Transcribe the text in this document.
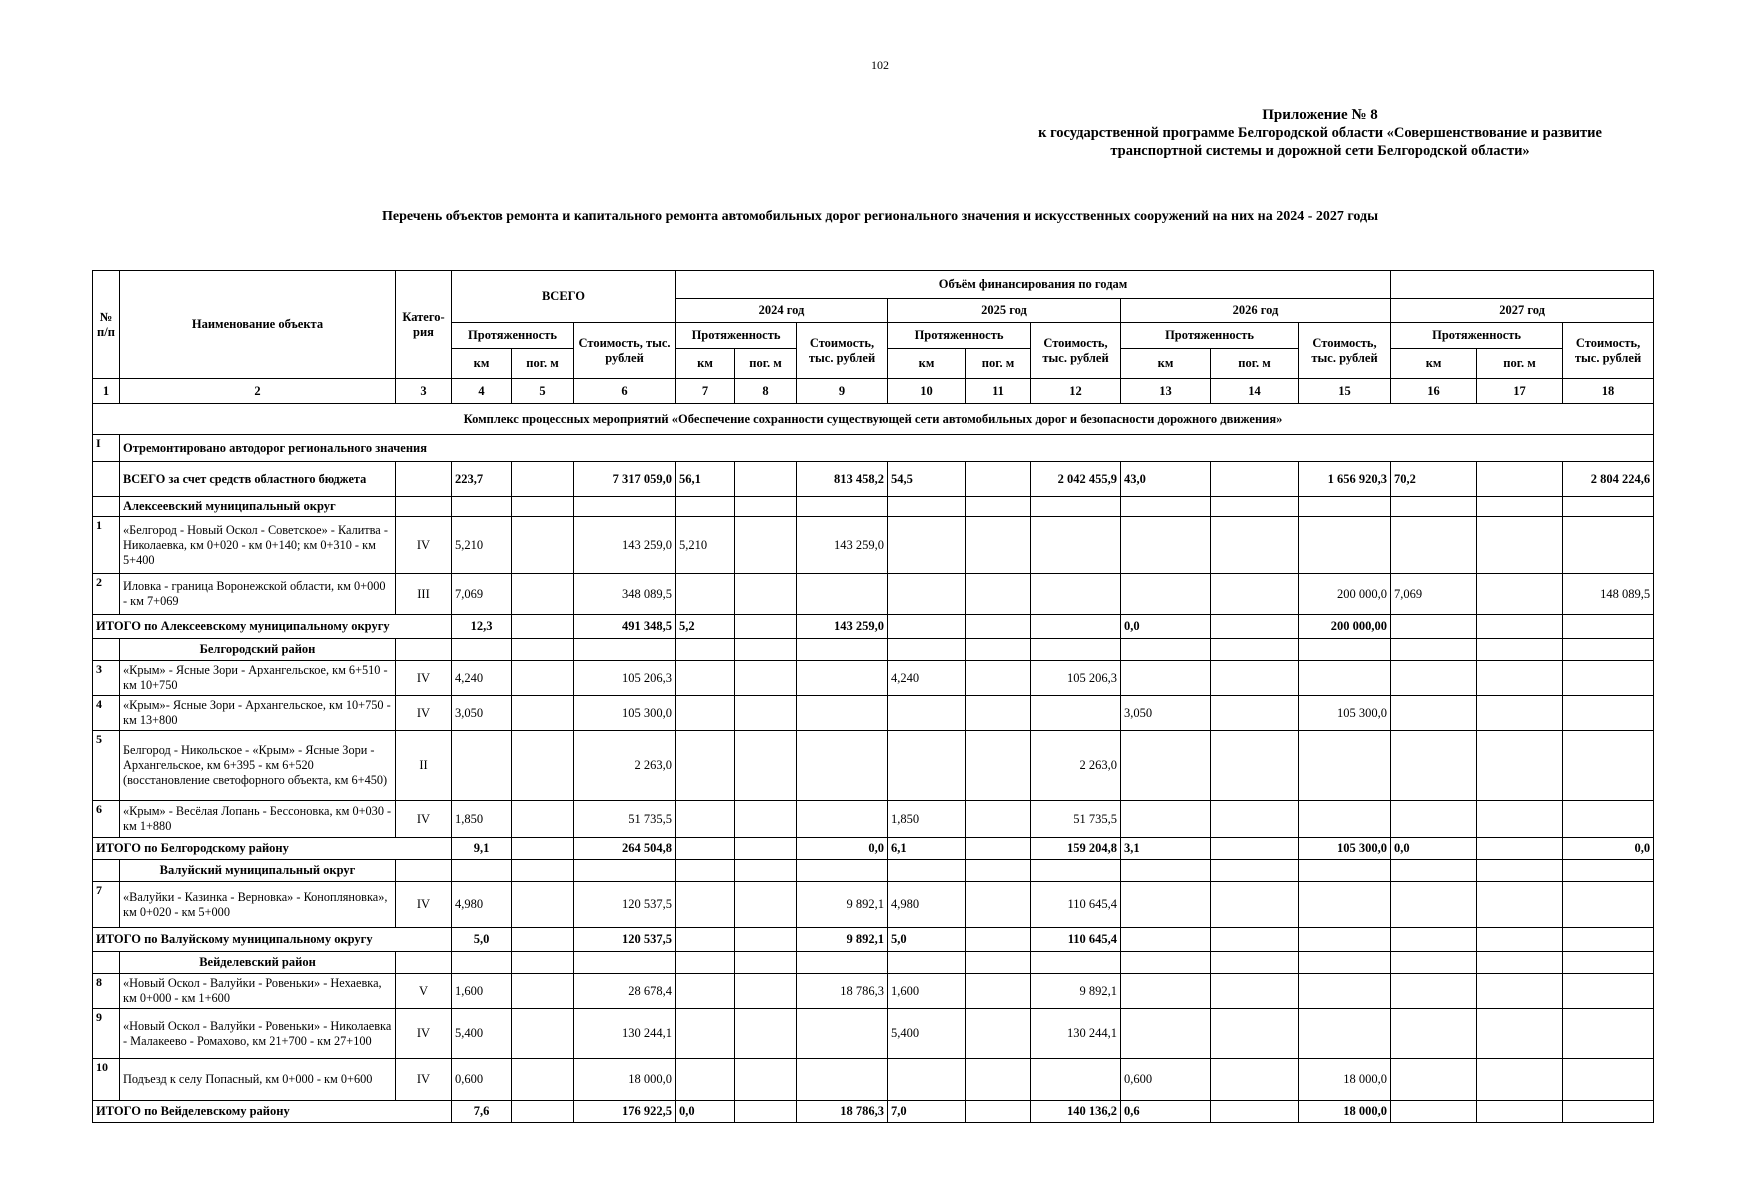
102
Приложение № 8
к государственной программе Белгородской области «Совершенствование и развитие
транспортной системы и дорожной сети Белгородской области»
Перечень объектов ремонта и капитального ремонта автомобильных дорог регионального значения и искусственных сооружений на них на 2024 - 2027 годы
№ п/п	Наименование объекта	Катего-рия	ВСЕГО			Объём финансирования по годам											
						2024 год			2025 год			2026 год			2027 год		
			Протяженность		Стоимость, тыс. рублей	Протяженность		Стоимость, тыс. рублей	Протяженность		Стоимость, тыс. рублей	Протяженность		Стоимость, тыс. рублей	Протяженность		Стоимость, тыс. рублей
			км	пог. м		км	пог. м		км	пог. м		км	пог. м		км	пог. м	
1	2	3	4	5	6	7	8	9	10	11	12	13	14	15	16	17	18
Комплекс процессных мероприятий «Обеспечение сохранности существующей сети автомобильных дорог и безопасности дорожного движения»																	
I	Отремонтировано автодорог регионального значения																
	ВСЕГО за счет средств областного бюджета		223,7		7 317 059,0	56,1		813 458,2	54,5		2 042 455,9	43,0		1 656 920,3	70,2		2 804 224,6
	Алексеевский муниципальный округ																
1	«Белгород - Новый Оскол - Советское» - Калитва - Николаевка, км 0+020 - км 0+140; км 0+310 - км 5+400	IV	5,210		143 259,0	5,210		143 259,0									
2	Иловка - граница Воронежской области, км 0+000 - км 7+069	III	7,069		348 089,5									200 000,0	7,069		148 089,5
ИТОГО по Алексеевскому муниципальному округу			12,3		491 348,5	5,2		143 259,0				0,0		200 000,00			
	Белгородский район																
3	«Крым» - Ясные Зори - Архангельское, км 6+510 - км 10+750	IV	4,240		105 206,3				4,240		105 206,3						
4	«Крым»- Ясные Зори - Архангельское, км 10+750 - км 13+800	IV	3,050		105 300,0							3,050		105 300,0			
5	Белгород - Никольское - «Крым» - Ясные Зори - Архангельское, км 6+395 - км 6+520 (восстановление светофорного объекта, км 6+450)	II			2 263,0						2 263,0						
6	«Крым» - Весёлая Лопань - Бессоновка, км 0+030 - км 1+880	IV	1,850		51 735,5				1,850		51 735,5						
ИТОГО по Белгородскому району			9,1		264 504,8			0,0	6,1		159 204,8	3,1		105 300,0	0,0		0,0
	Валуйский муниципальный округ																
7	«Валуйки - Казинка - Верновка» - Конопляновка», км 0+020 - км 5+000	IV	4,980		120 537,5			9 892,1	4,980		110 645,4						
ИТОГО по Валуйскому муниципальному округу			5,0		120 537,5			9 892,1	5,0		110 645,4						
	Вейделевский район																
8	«Новый Оскол - Валуйки - Ровеньки» - Нехаевка, км 0+000 - км 1+600	V	1,600		28 678,4			18 786,3	1,600		9 892,1						
9	«Новый Оскол - Валуйки - Ровеньки» - Николаевка - Малакеево - Ромахово, км 21+700 - км 27+100	IV	5,400		130 244,1				5,400		130 244,1						
10	Подъезд к селу Попасный, км 0+000 - км 0+600	IV	0,600		18 000,0							0,600		18 000,0			
ИТОГО по Вейделевскому району			7,6		176 922,5	0,0		18 786,3	7,0		140 136,2	0,6		18 000,0			
